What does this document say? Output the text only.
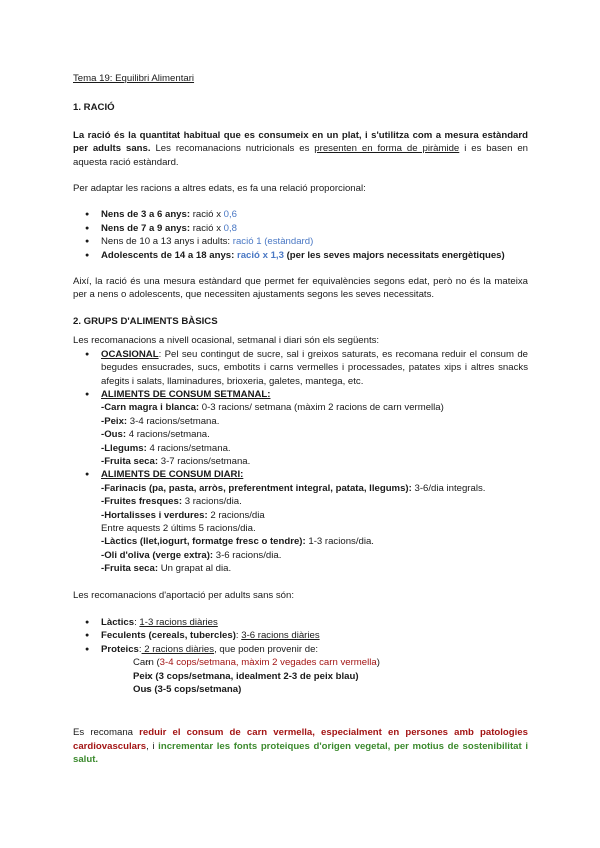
Tema 19: Equilibri Alimentari
1. RACIÓ

La ració és la quantitat habitual que es consumeix en un plat, i s'utilitza com a mesura estàndard per adults sans. Les recomanacions nutricionals es presenten en forma de piràmide i es basen en aquesta ració estàndard.

Per adaptar les racions a altres edats, es fa una relació proporcional:

● Nens de 3 a 6 anys: ració x 0,6
● Nens de 7 a 9 anys: ració x 0,8
● Nens de 10 a 13 anys i adults: ració 1 (estàndard)
● Adolescents de 14 a 18 anys: ració x 1,3 (per les seves majors necessitats energètiques)

Així, la ració és una mesura estàndard que permet fer equivalències segons edat, però no és la mateixa per a nens o adolescents, que necessiten ajustaments segons les seves necessitats.

2. GRUPS D'ALIMENTS BÀSICS
Les recomanacions a nivell ocasional, setmanal i diari són els següents:
● OCASIONAL: Pel seu contingut de sucre, sal i greixos saturats, es recomana reduir el consum de begudes ensucrades, sucs, embotits i carns vermelles i processades, patates xips i altres snacks afegits i salats, llaminadures, brioxeria, galetes, mantega, etc.
● ALIMENTS DE CONSUM SETMANAL:
-Carn magra i blanca: 0-3 racions/ setmana (màxim 2 racions de carn vermella)
-Peix: 3-4 racions/setmana.
-Ous: 4 racions/setmana.
-Llegums: 4 racions/setmana.
-Fruita seca: 3-7 racions/setmana.
● ALIMENTS DE CONSUM DIARI:
-Farinacis (pa, pasta, arròs, preferentment integral, patata, llegums): 3-6/dia integrals.
-Fruites fresques: 3 racions/dia.
-Hortalisses i verdures: 2 racions/dia
Entre aquests 2 últims 5 racions/dia.
-Làctics (llet,iogurt, formatge fresc o tendre): 1-3 racions/dia.
-Oli d'oliva (verge extra): 3-6 racions/dia.
-Fruita seca: Un grapat al dia.

Les recomanacions d'aportació per adults sans són:

● Làctics: 1-3 racions diàries
● Feculents (cereals, tubercles): 3-6 racions diàries
● Proteics: 2 racions diàries, que poden provenir de:
○ Carn (3-4 cops/setmana, màxim 2 vegades carn vermella)
○ Peix (3 cops/setmana, idealment 2-3 de peix blau)
○ Ous (3-5 cops/setmana)

Es recomana reduir el consum de carn vermella, especialment en persones amb patologies cardiovasculars, i incrementar les fonts proteiques d'origen vegetal, per motius de sostenibilitat i salut.
